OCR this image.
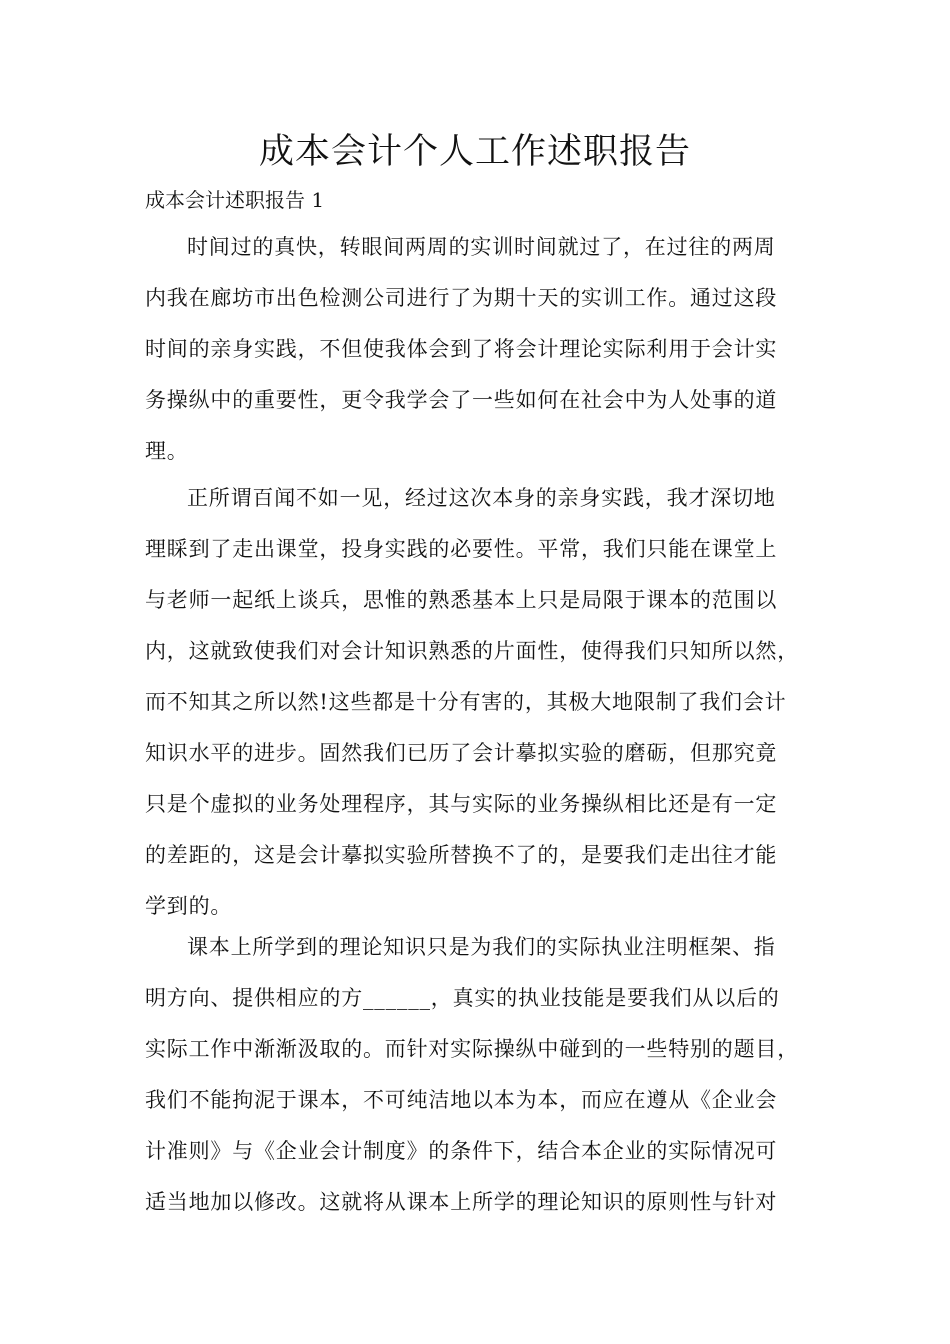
成本会计个人工作述职报告

成本会计述职报告 1

时间过的真快，转眼间两周的实训时间就过了，在过往的两周
内我在廊坊市出色检测公司进行了为期十天的实训工作。通过这段
时间的亲身实践，不但使我体会到了将会计理论实际利用于会计实
务操纵中的重要性，更令我学会了一些如何在社会中为人处事的道
理。
正所谓百闻不如一见，经过这次本身的亲身实践，我才深切地
理睬到了走出课堂，投身实践的必要性。平常，我们只能在课堂上
与老师一起纸上谈兵，思惟的熟悉基本上只是局限于课本的范围以
内，这就致使我们对会计知识熟悉的片面性，使得我们只知所以然，
而不知其之所以然!这些都是十分有害的，其极大地限制了我们会计
知识水平的进步。固然我们已历了会计摹拟实验的磨砺，但那究竟
只是个虚拟的业务处理程序，其与实际的业务操纵相比还是有一定
的差距的，这是会计摹拟实验所替换不了的，是要我们走出往才能
学到的。
课本上所学到的理论知识只是为我们的实际执业注明框架、指
明方向、提供相应的方______，真实的执业技能是要我们从以后的
实际工作中渐渐汲取的。而针对实际操纵中碰到的一些特别的题目，
我们不能拘泥于课本，不可纯洁地以本为本，而应在遵从《企业会
计准则》与《企业会计制度》的条件下，结合本企业的实际情况可
适当地加以修改。这就将从课本上所学的理论知识的原则性与针对
